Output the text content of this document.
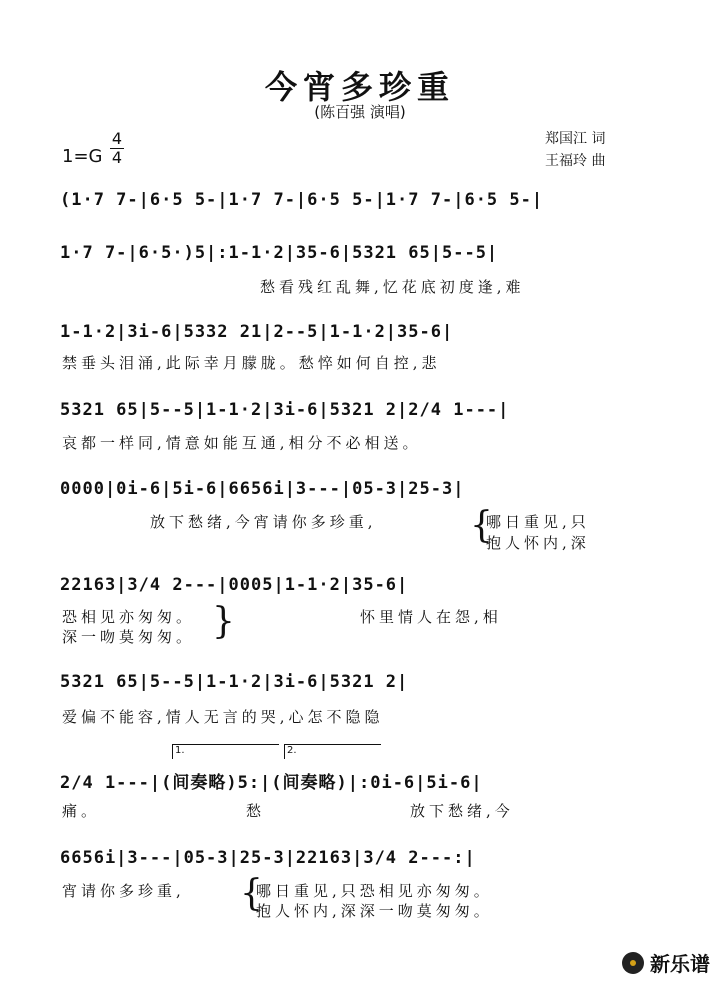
今宵多珍重
(陈百强 演唱)
1=G
4
4
郑国江 词
王福玲 曲
(1·7 7-|6·5 5-|1·7 7-|6·5 5-|1·7 7-|6·5 5-|
1·7 7-|6·5·)5|:1-1·2|35-6|5321 65|5--5|
愁看残红乱舞,忆花底初度逢,难
1-1·2|3i-6|5332 21|2--5|1-1·2|35-6|
禁垂头泪涌,此际幸月朦胧。愁悴如何自控,悲
5321 65|5--5|1-1·2|3i-6|5321 2|2/4 1---|
哀都一样同,情意如能互通,相分不必相送。
0000|0i-6|5i-6|6656i|3---|05-3|25-3|
放下愁绪,今宵请你多珍重,	{
哪日重见,只
抱人怀内,深
22163|3/4 2---|0005|1-1·2|35-6|
恐相见亦匆匆。
深一吻莫匆匆。 }	怀里情人在怨,相
5321 65|5--5|1-1·2|3i-6|5321 2|
爱偏不能容,情人无言的哭,心怎不隐隐
1.	2.
2/4 1---|(间奏略)5:|(间奏略)|:0i-6|5i-6|
痛。	愁	放下愁绪,今
6656i|3---|05-3|25-3|22163|3/4 2---:|
宵请你多珍重, {
哪日重见,只恐相见亦匆匆。
抱人怀内,深深一吻莫匆匆。
新乐谱
